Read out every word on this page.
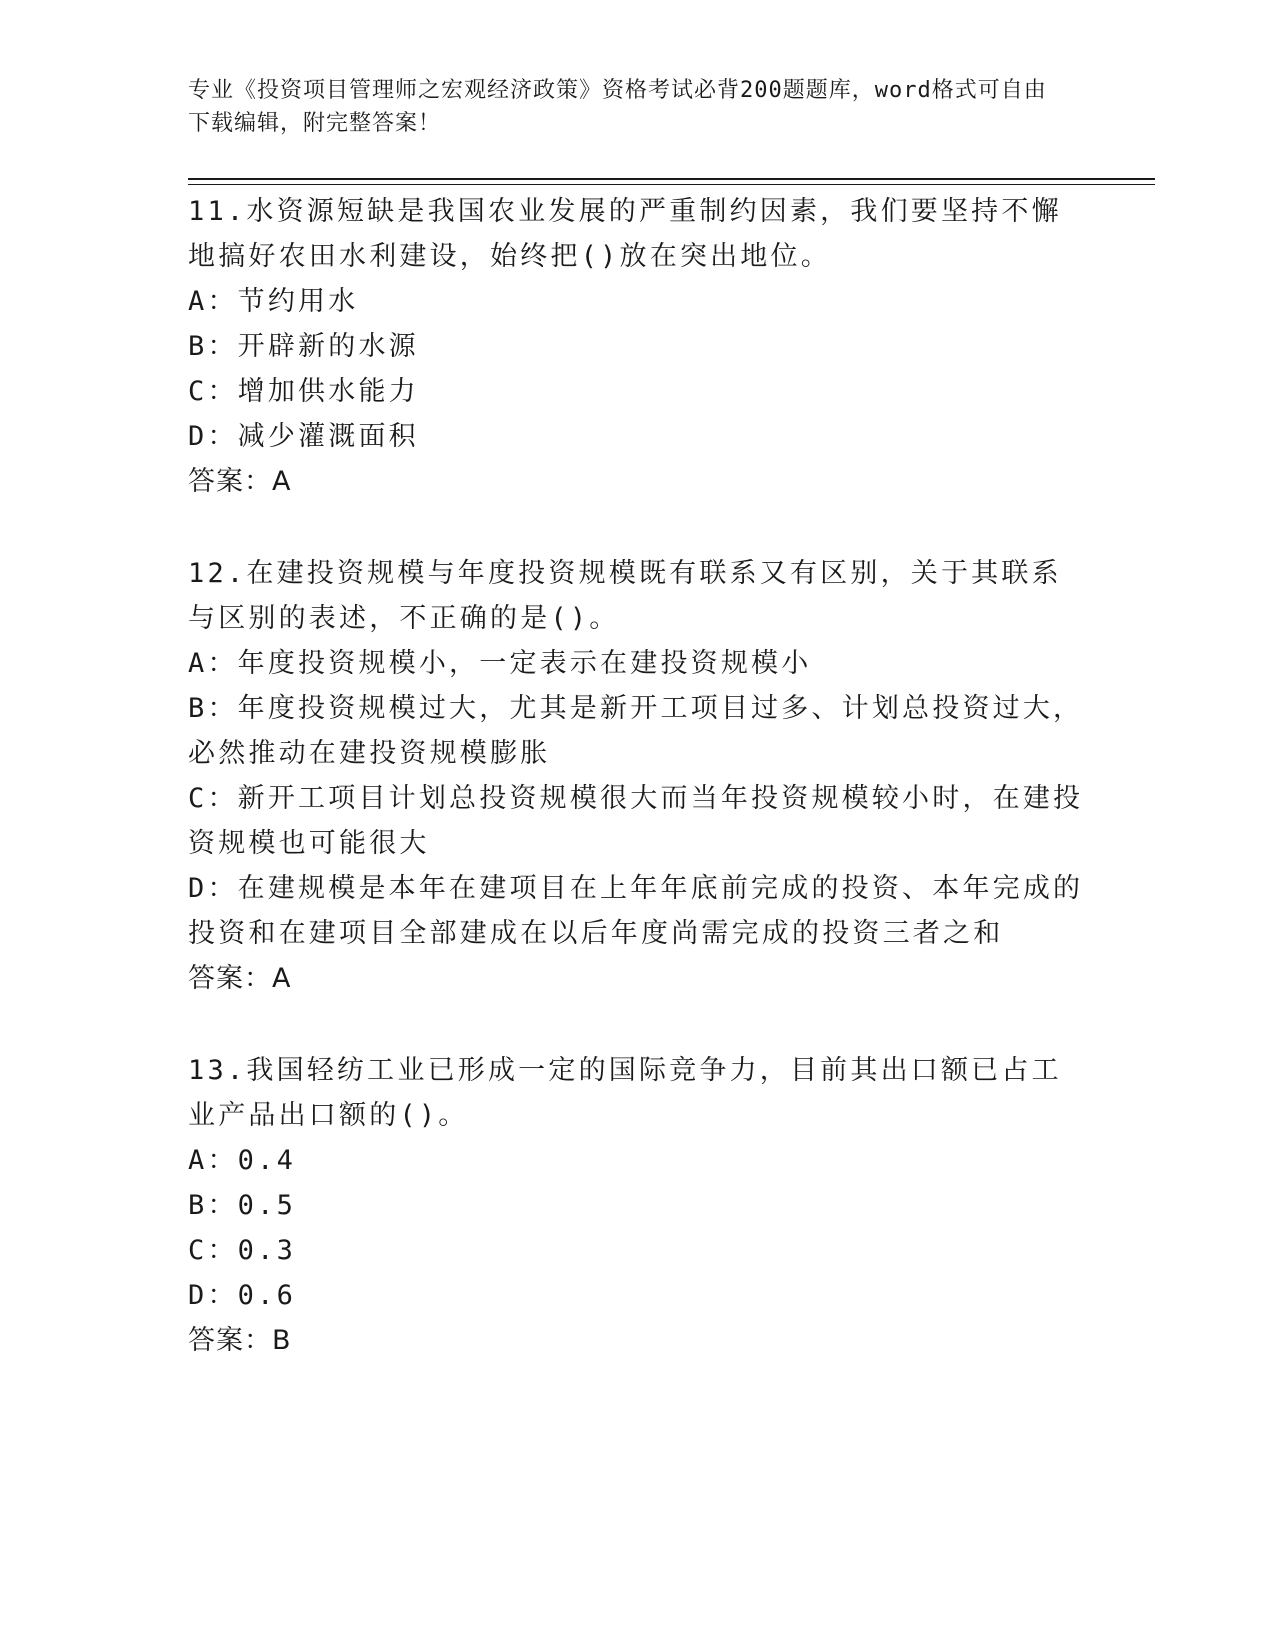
专业《投资项目管理师之宏观经济政策》资格考试必背200题题库，word格式可自由下载编辑，附完整答案！

11.水资源短缺是我国农业发展的严重制约因素，我们要坚持不懈地搞好农田水利建设，始终把()放在突出地位。

A：节约用水

B：开辟新的水源

C：增加供水能力

D：减少灌溉面积

答案：A

12.在建投资规模与年度投资规模既有联系又有区别，关于其联系与区别的表述，不正确的是()。

A：年度投资规模小，一定表示在建投资规模小

B：年度投资规模过大，尤其是新开工项目过多、计划总投资过大，必然推动在建投资规模膨胀

C：新开工项目计划总投资规模很大而当年投资规模较小时，在建投资规模也可能很大

D：在建规模是本年在建项目在上年年底前完成的投资、本年完成的投资和在建项目全部建成在以后年度尚需完成的投资三者之和

答案：A

13.我国轻纺工业已形成一定的国际竞争力，目前其出口额已占工业产品出口额的()。

A：0.4

B：0.5

C：0.3

D：0.6

答案：B
